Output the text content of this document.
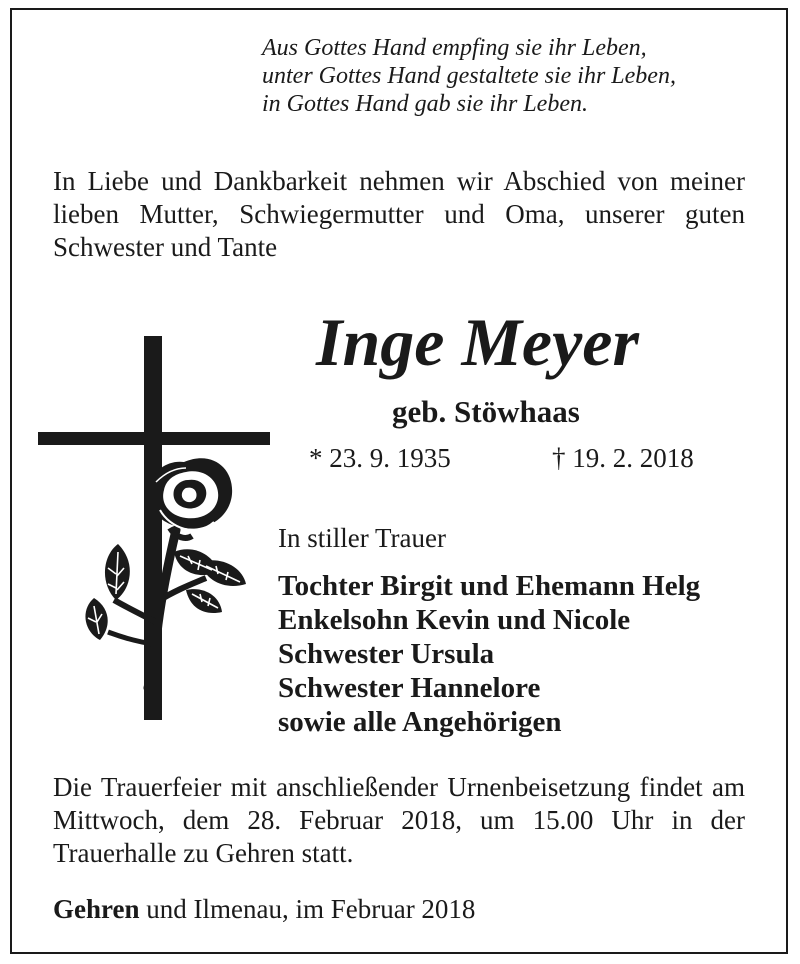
Aus Gottes Hand empfing sie ihr Leben,
unter Gottes Hand gestaltete sie ihr Leben,
in Gottes Hand gab sie ihr Leben.
In Liebe und Dankbarkeit nehmen wir Abschied von meiner lieben Mutter, Schwiegermutter und Oma, unserer guten Schwester und Tante
Inge Meyer
geb. Stöwhaas
* 23. 9. 1935	† 19. 2. 2018
In stiller Trauer
Tochter Birgit und Ehemann Helg
Enkelsohn Kevin und Nicole
Schwester Ursula
Schwester Hannelore
sowie alle Angehörigen
Die Trauerfeier mit anschließender Urnenbeisetzung findet am Mittwoch, dem 28. Februar 2018, um 15.00 Uhr in der Trauerhalle zu Gehren statt.
Gehren und Ilmenau, im Februar 2018
